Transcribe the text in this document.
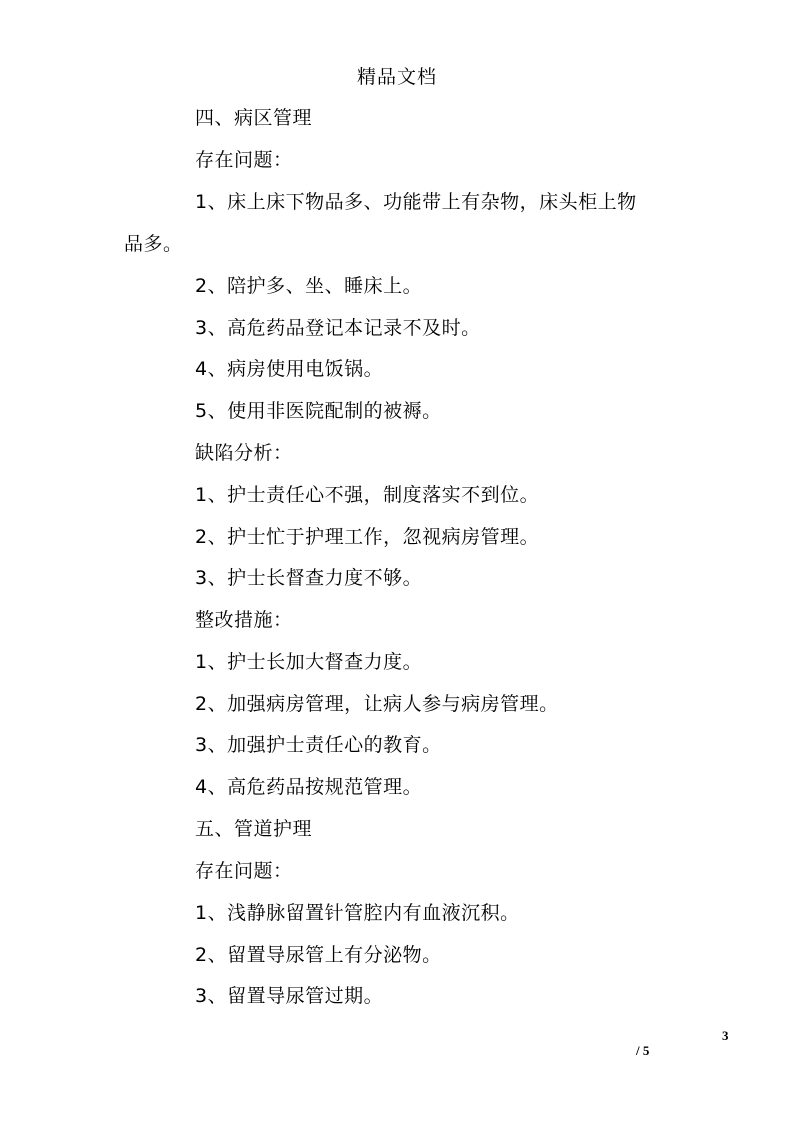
精品文档
四、病区管理
存在问题：
1、床上床下物品多、功能带上有杂物，床头柜上物
品多。
2、陪护多、坐、睡床上。
3、高危药品登记本记录不及时。
4、病房使用电饭锅。
5、使用非医院配制的被褥。
缺陷分析：
1、护士责任心不强，制度落实不到位。
2、护士忙于护理工作，忽视病房管理。
3、护士长督查力度不够。
整改措施：
1、护士长加大督查力度。
2、加强病房管理，让病人参与病房管理。
3、加强护士责任心的教育。
4、高危药品按规范管理。
五、管道护理
存在问题：
1、浅静脉留置针管腔内有血液沉积。
2、留置导尿管上有分泌物。
3、留置导尿管过期。
3
/ 5
